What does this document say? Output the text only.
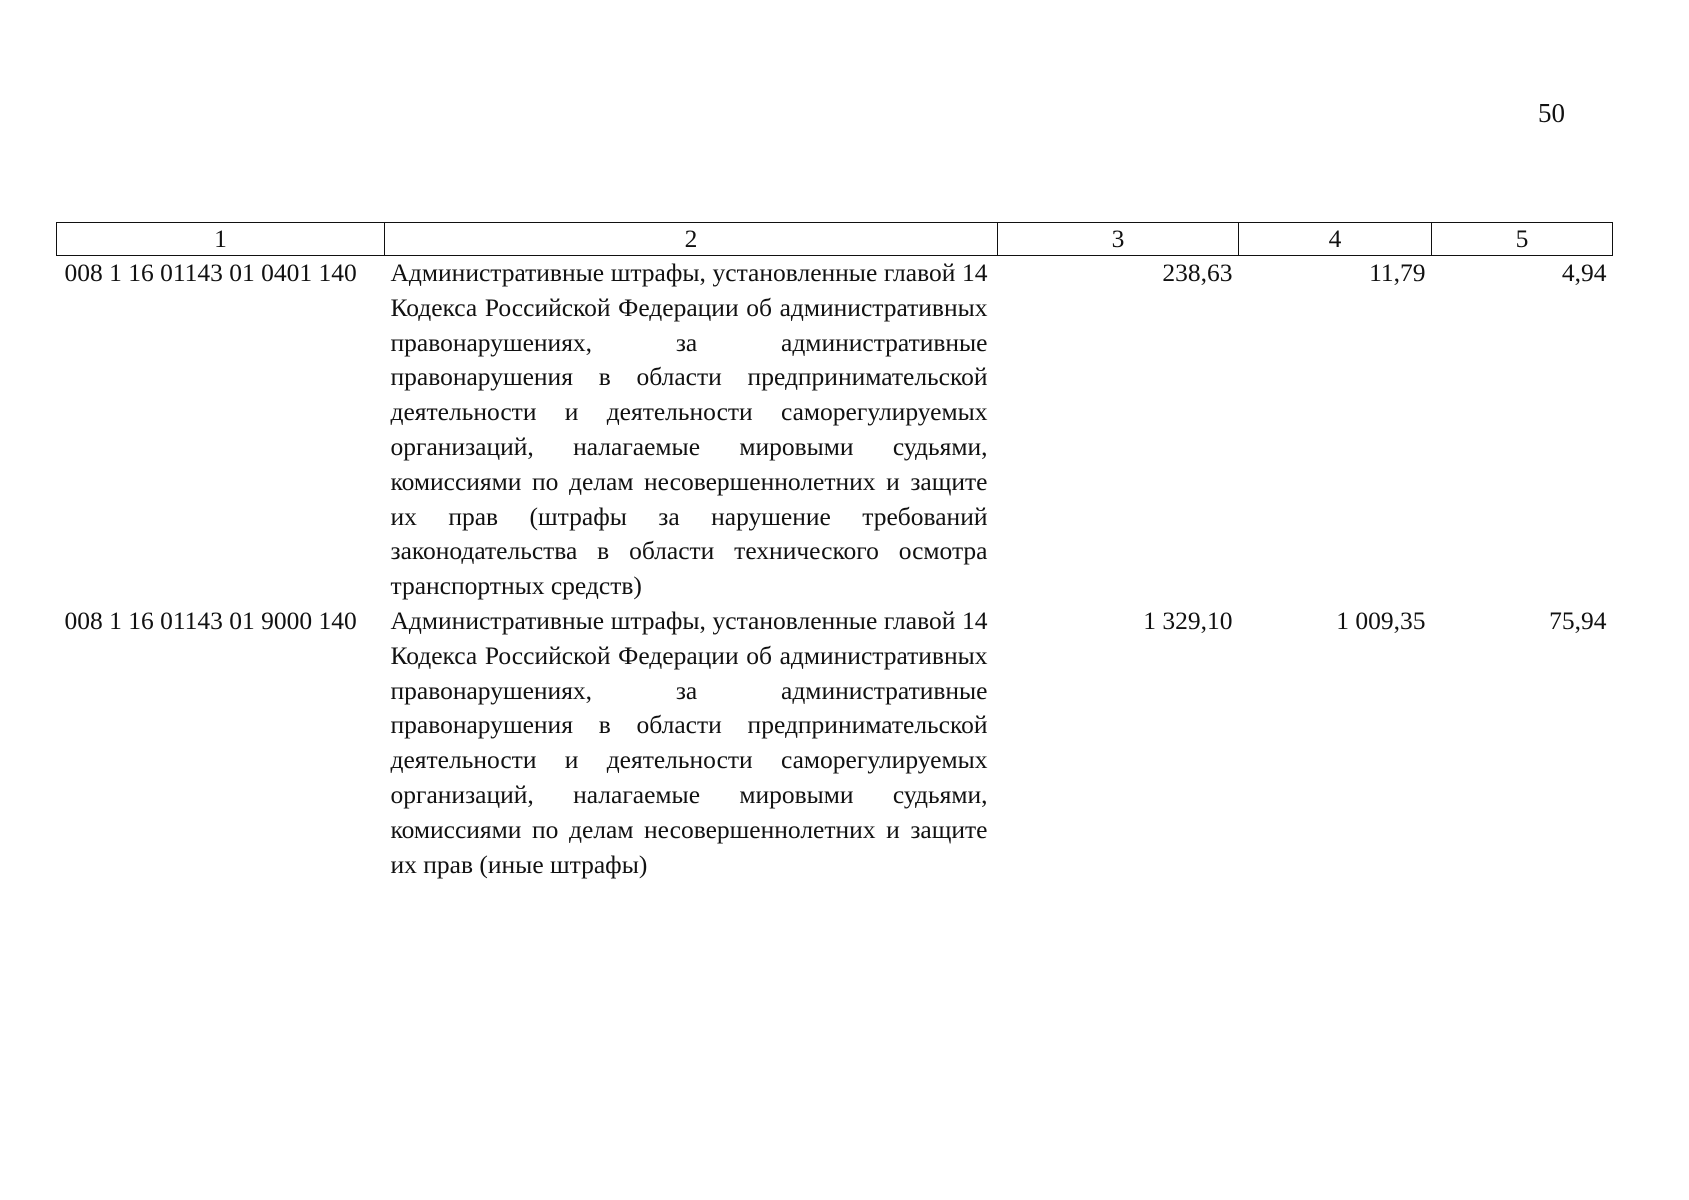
50
1	2	3	4	5
008 1 16 01143 01 0401 140	Административные штрафы, установленные главой 14 Кодекса Российской Федерации об административных правонарушениях, за административные правонарушения в области предпринимательской деятельности и деятельности саморегулируемых организаций, налагаемые мировыми судьями, комиссиями по делам несовершеннолетних и защите их прав (штрафы за нарушение требований законодательства в области технического осмотра транспортных средств)	238,63	11,79	4,94
008 1 16 01143 01 9000 140	Административные штрафы, установленные главой 14 Кодекса Российской Федерации об административных правонарушениях, за административные правонарушения в области предпринимательской деятельности и деятельности саморегулируемых организаций, налагаемые мировыми судьями, комиссиями по делам несовершеннолетних и защите их прав (иные штрафы)	1 329,10	1 009,35	75,94
